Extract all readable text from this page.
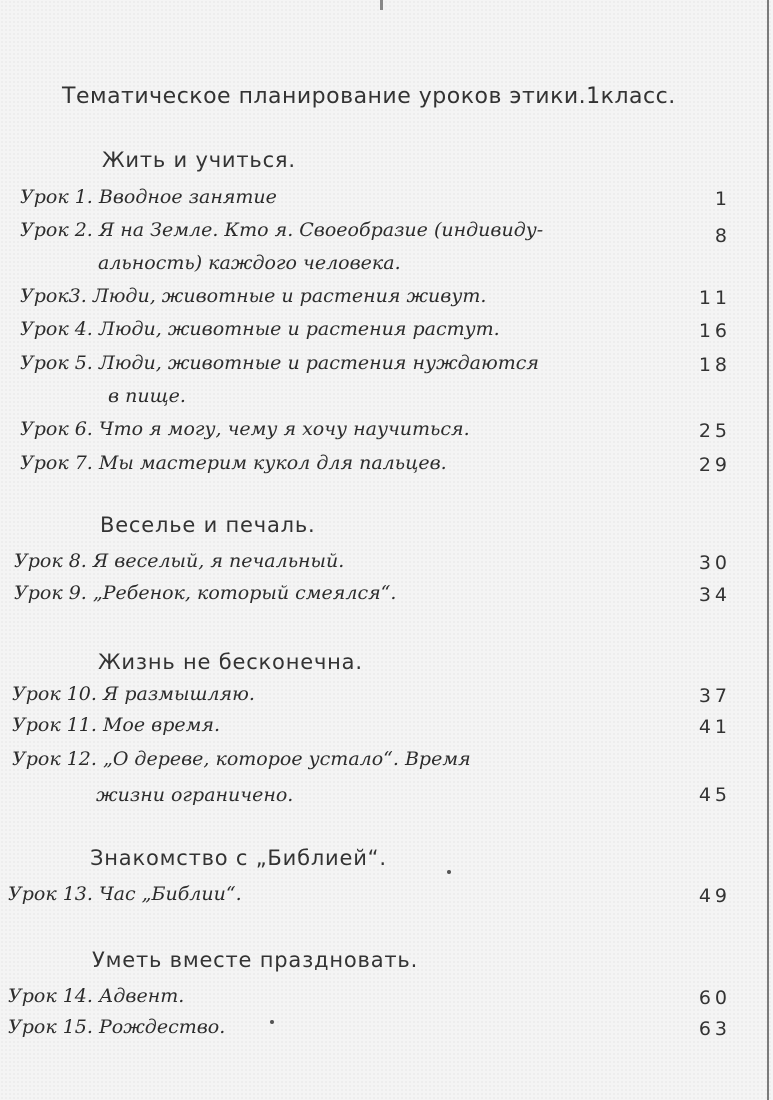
Тематическое планирование уроков этики.1класс.
Жить и учиться.
Урок 1. Вводное занятие	1
Урок 2. Я на Земле. Кто я. Своеобразие (индивиду-	8
альность) каждого человека.
Урок3. Люди, животные и растения живут.	11
Урок 4. Люди, животные и растения растут.	16
Урок 5. Люди, животные и растения нуждаются	18
в пище.
Урок 6. Что я могу, чему я хочу научиться.	25
Урок 7. Мы мастерим кукол для пальцев.	29
Веселье и печаль.
Урок 8. Я веселый, я печальный.	30
Урок 9. „Ребенок, который смеялся“.	34
Жизнь не бесконечна.
Урок 10. Я размышляю.	37
Урок 11. Мое время.	41
Урок 12. „О дереве, которое устало“. Время
жизни ограничено.	45
Знакомство с „Библией“.
Урок 13. Час „Библии“.	49
Уметь вместе праздновать.
Урок 14. Адвент.	60
Урок 15. Рождество.	63
